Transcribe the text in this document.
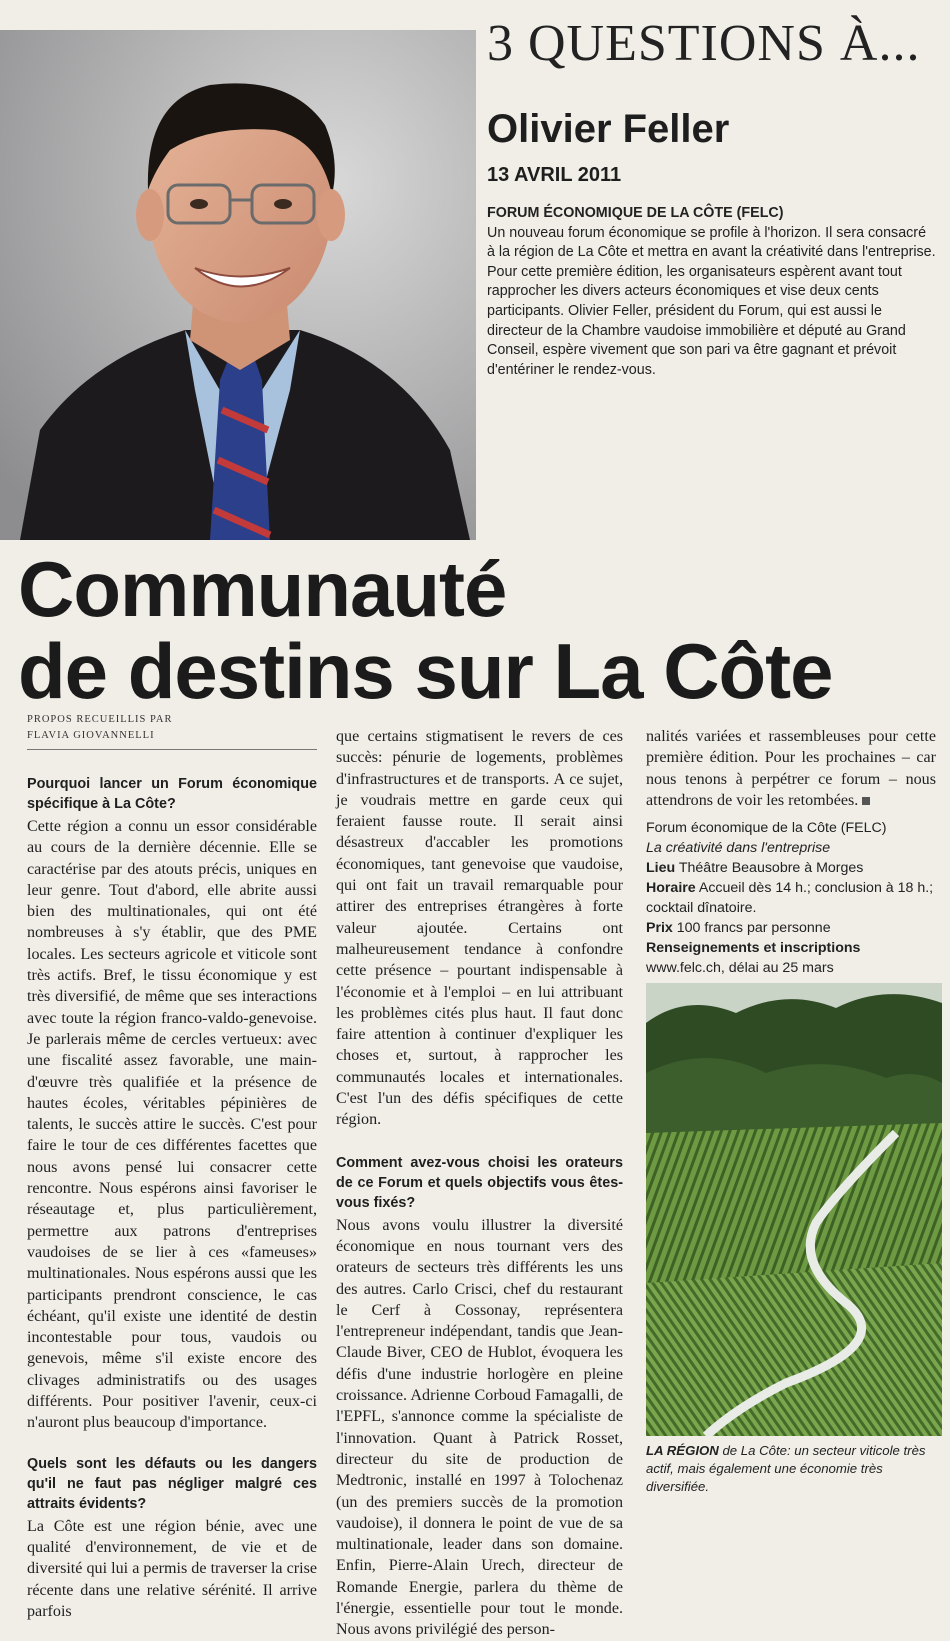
3 QUESTIONS À...
Olivier Feller
13 AVRIL 2011
FORUM ÉCONOMIQUE DE LA CÔTE (FELC)
Un nouveau forum économique se profile à l'horizon. Il sera consacré à la région de La Côte et mettra en avant la créativité dans l'entreprise. Pour cette première édition, les organisateurs espèrent avant tout rapprocher les divers acteurs économiques et vise deux cents participants. Olivier Feller, président du Forum, qui est aussi le directeur de la Chambre vaudoise immobilière et député au Grand Conseil, espère vivement que son pari va être gagnant et prévoit d'entériner le rendez-vous.
Communauté
de destins sur La Côte
PROPOS RECUEILLIS PAR
FLAVIA GIOVANNELLI

Pourquoi lancer un Forum économique spécifique à La Côte?

Cette région a connu un essor considérable au cours de la dernière décennie. Elle se caractérise par des atouts précis, uniques en leur genre. Tout d'abord, elle abrite aussi bien des multinationales, qui ont été nombreuses à s'y établir, que des PME locales. Les secteurs agricole et viticole sont très actifs. Bref, le tissu économique y est très diversifié, de même que ses interactions avec toute la région franco-valdo-genevoise. Je parlerais même de cercles vertueux: avec une fiscalité assez favorable, une main-d'œuvre très qualifiée et la présence de hautes écoles, véritables pépinières de talents, le succès attire le succès. C'est pour faire le tour de ces différentes facettes que nous avons pensé lui consacrer cette rencontre. Nous espérons ainsi favoriser le réseautage et, plus particulièrement, permettre aux patrons d'entreprises vaudoises de se lier à ces «fameuses» multinationales. Nous espérons aussi que les participants prendront conscience, le cas échéant, qu'il existe une identité de destin incontestable pour tous, vaudois ou genevois, même s'il existe encore des clivages administratifs ou des usages différents. Pour positiver l'avenir, ceux-ci n'auront plus beaucoup d'importance.

Quels sont les défauts ou les dangers qu'il ne faut pas négliger malgré ces attraits évidents?

La Côte est une région bénie, avec une qualité d'environnement, de vie et de diversité qui lui a permis de traverser la crise récente dans une relative sérénité. Il arrive parfois

que certains stigmatisent le revers de ces succès: pénurie de logements, problèmes d'infrastructures et de transports. A ce sujet, je voudrais mettre en garde ceux qui feraient fausse route. Il serait ainsi désastreux d'accabler les promotions économiques, tant genevoise que vaudoise, qui ont fait un travail remarquable pour attirer des entreprises étrangères à forte valeur ajoutée. Certains ont malheureusement tendance à confondre cette présence – pourtant indispensable à l'économie et à l'emploi – en lui attribuant les problèmes cités plus haut. Il faut donc faire attention à continuer d'expliquer les choses et, surtout, à rapprocher les communautés locales et internationales. C'est l'un des défis spécifiques de cette région.

Comment avez-vous choisi les orateurs de ce Forum et quels objectifs vous êtes-vous fixés?

Nous avons voulu illustrer la diversité économique en nous tournant vers des orateurs de secteurs très différents les uns des autres. Carlo Crisci, chef du restaurant le Cerf à Cossonay, représentera l'entrepreneur indépendant, tandis que Jean-Claude Biver, CEO de Hublot, évoquera les défis d'une industrie horlogère en pleine croissance. Adrienne Corboud Famagalli, de l'EPFL, s'annonce comme la spécialiste de l'innovation. Quant à Patrick Rosset, directeur du site de production de Medtronic, installé en 1997 à Tolochenaz (un des premiers succès de la promotion vaudoise), il donnera le point de vue de sa multinationale, leader dans son domaine. Enfin, Pierre-Alain Urech, directeur de Romande Energie, parlera du thème de l'énergie, essentielle pour tout le monde. Nous avons privilégié des person-

nalités variées et rassembleuses pour cette première édition. Pour les prochaines – car nous tenons à perpétrer ce forum – nous attendrons de voir les retombées.

Forum économique de la Côte (FELC)
La créativité dans l'entreprise
Lieu Théâtre Beausobre à Morges
Horaire Accueil dès 14 h.; conclusion à 18 h.; cocktail dînatoire.
Prix 100 francs par personne
Renseignements et inscriptions
www.felc.ch, délai au 25 mars
LA RÉGION de La Côte: un secteur viticole très actif, mais également une économie très diversifiée.
